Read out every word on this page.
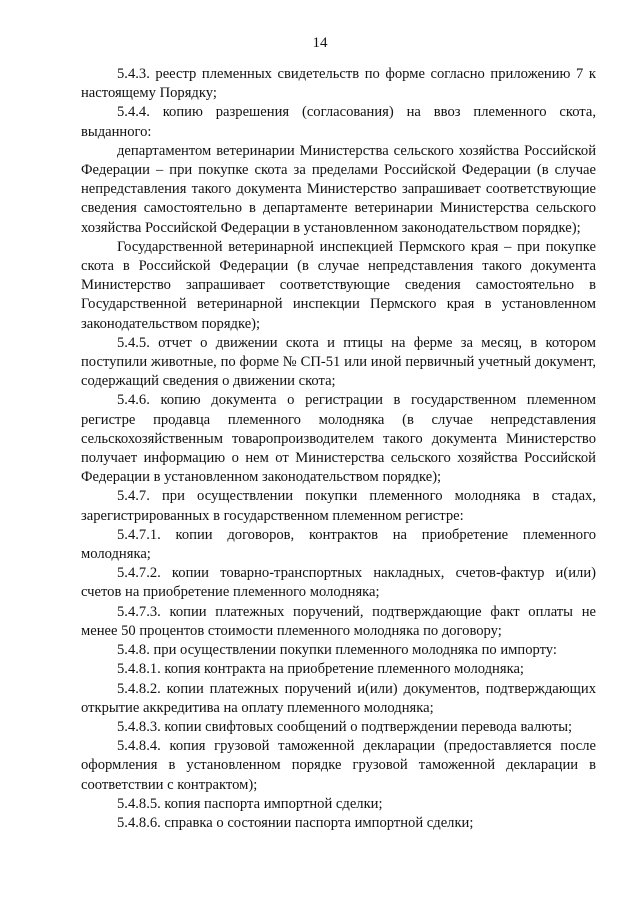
14

5.4.3. реестр племенных свидетельств по форме согласно приложению 7 к настоящему Порядку;

5.4.4. копию разрешения (согласования) на ввоз племенного скота, выданного:

департаментом ветеринарии Министерства сельского хозяйства Российской Федерации – при покупке скота за пределами Российской Федерации (в случае непредставления такого документа Министерство запрашивает соответствующие сведения самостоятельно в департаменте ветеринарии Министерства сельского хозяйства Российской Федерации в установленном законодательством порядке);

Государственной ветеринарной инспекцией Пермского края – при покупке скота в Российской Федерации (в случае непредставления такого документа Министерство запрашивает соответствующие сведения самостоятельно в Государственной ветеринарной инспекции Пермского края в установленном законодательством порядке);

5.4.5. отчет о движении скота и птицы на ферме за месяц, в котором поступили животные, по форме № СП-51 или иной первичный учетный документ, содержащий сведения о движении скота;

5.4.6. копию документа о регистрации в государственном племенном регистре продавца племенного молодняка (в случае непредставления сельскохозяйственным товаропроизводителем такого документа Министерство получает информацию о нем от Министерства сельского хозяйства Российской Федерации в установленном законодательством порядке);

5.4.7. при осуществлении покупки племенного молодняка в стадах, зарегистрированных в государственном племенном регистре:

5.4.7.1. копии договоров, контрактов на приобретение племенного молодняка;

5.4.7.2. копии товарно-транспортных накладных, счетов-фактур и(или) счетов на приобретение племенного молодняка;

5.4.7.3. копии платежных поручений, подтверждающие факт оплаты не менее 50 процентов стоимости племенного молодняка по договору;

5.4.8. при осуществлении покупки племенного молодняка по импорту:

5.4.8.1. копия контракта на приобретение племенного молодняка;

5.4.8.2. копии платежных поручений и(или) документов, подтверждающих открытие аккредитива на оплату племенного молодняка;

5.4.8.3. копии свифтовых сообщений о подтверждении перевода валюты;

5.4.8.4. копия грузовой таможенной декларации (предоставляется после оформления в установленном порядке грузовой таможенной декларации в соответствии с контрактом);

5.4.8.5. копия паспорта импортной сделки;

5.4.8.6. справка о состоянии паспорта импортной сделки;
